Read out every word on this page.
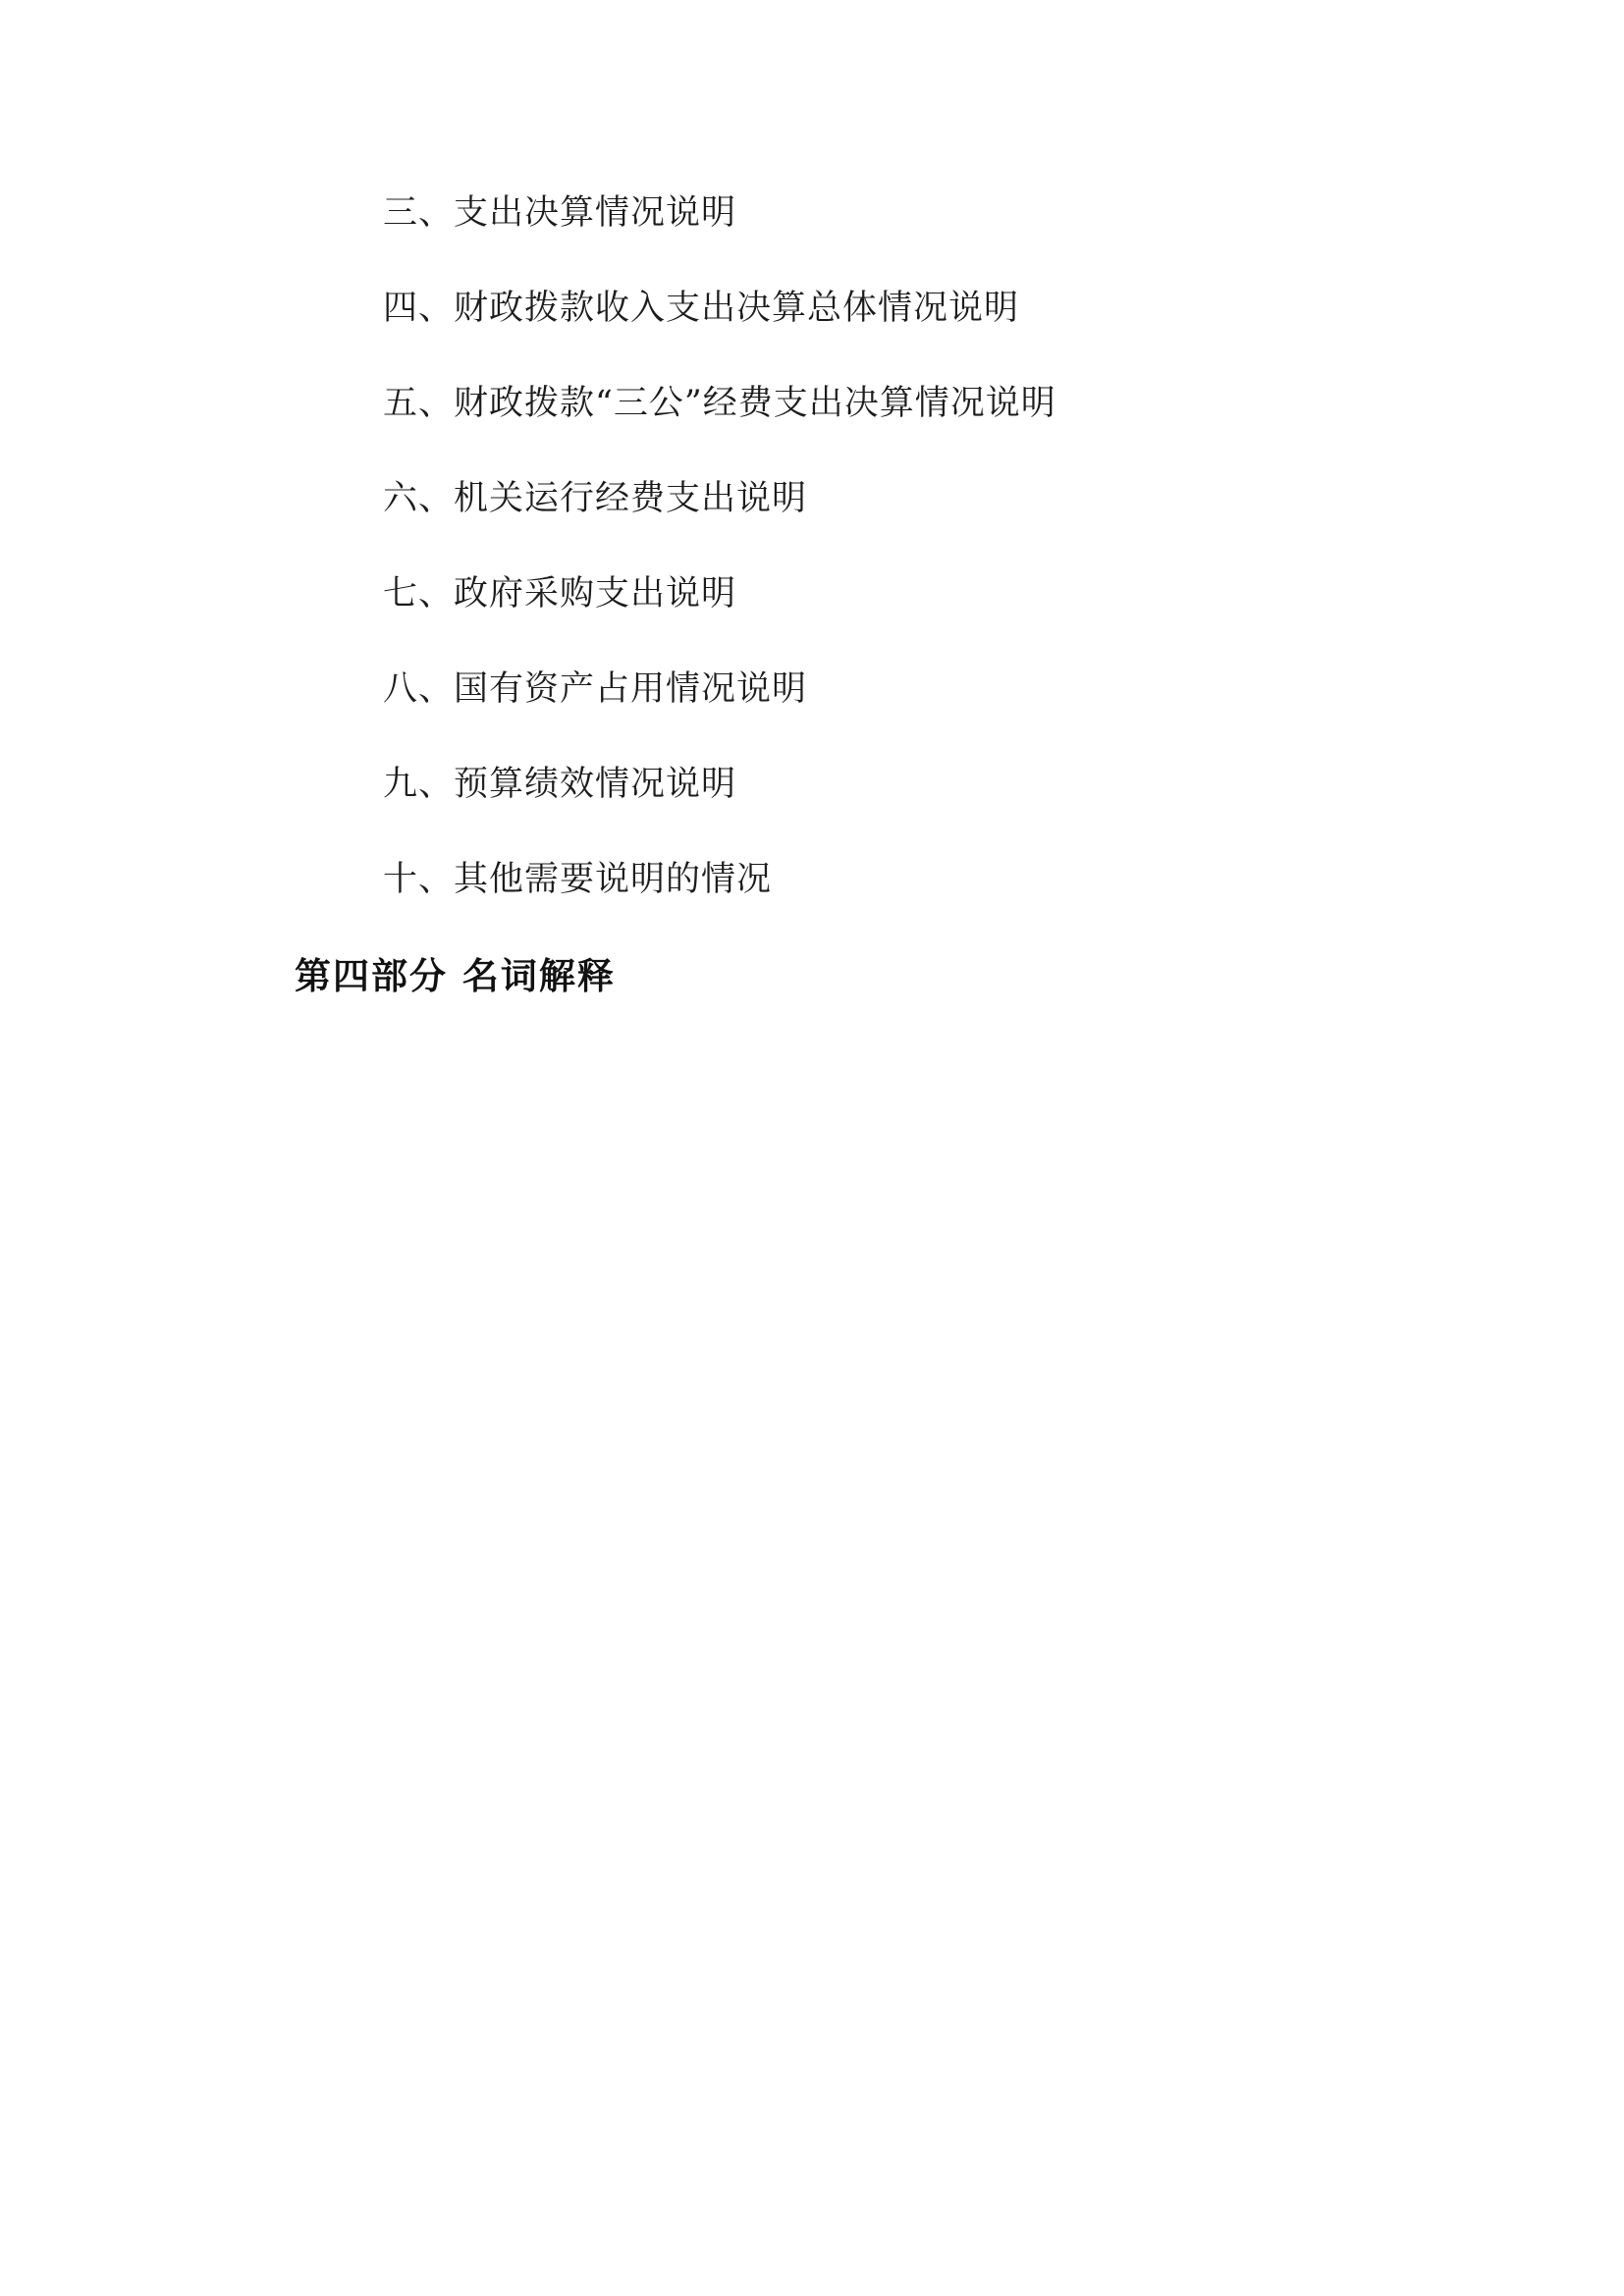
三、支出决算情况说明
四、财政拨款收入支出决算总体情况说明
五、财政拨款“三公”经费支出决算情况说明
六、机关运行经费支出说明
七、政府采购支出说明
八、国有资产占用情况说明
九、预算绩效情况说明
十、其他需要说明的情况
第四部分 名词解释
